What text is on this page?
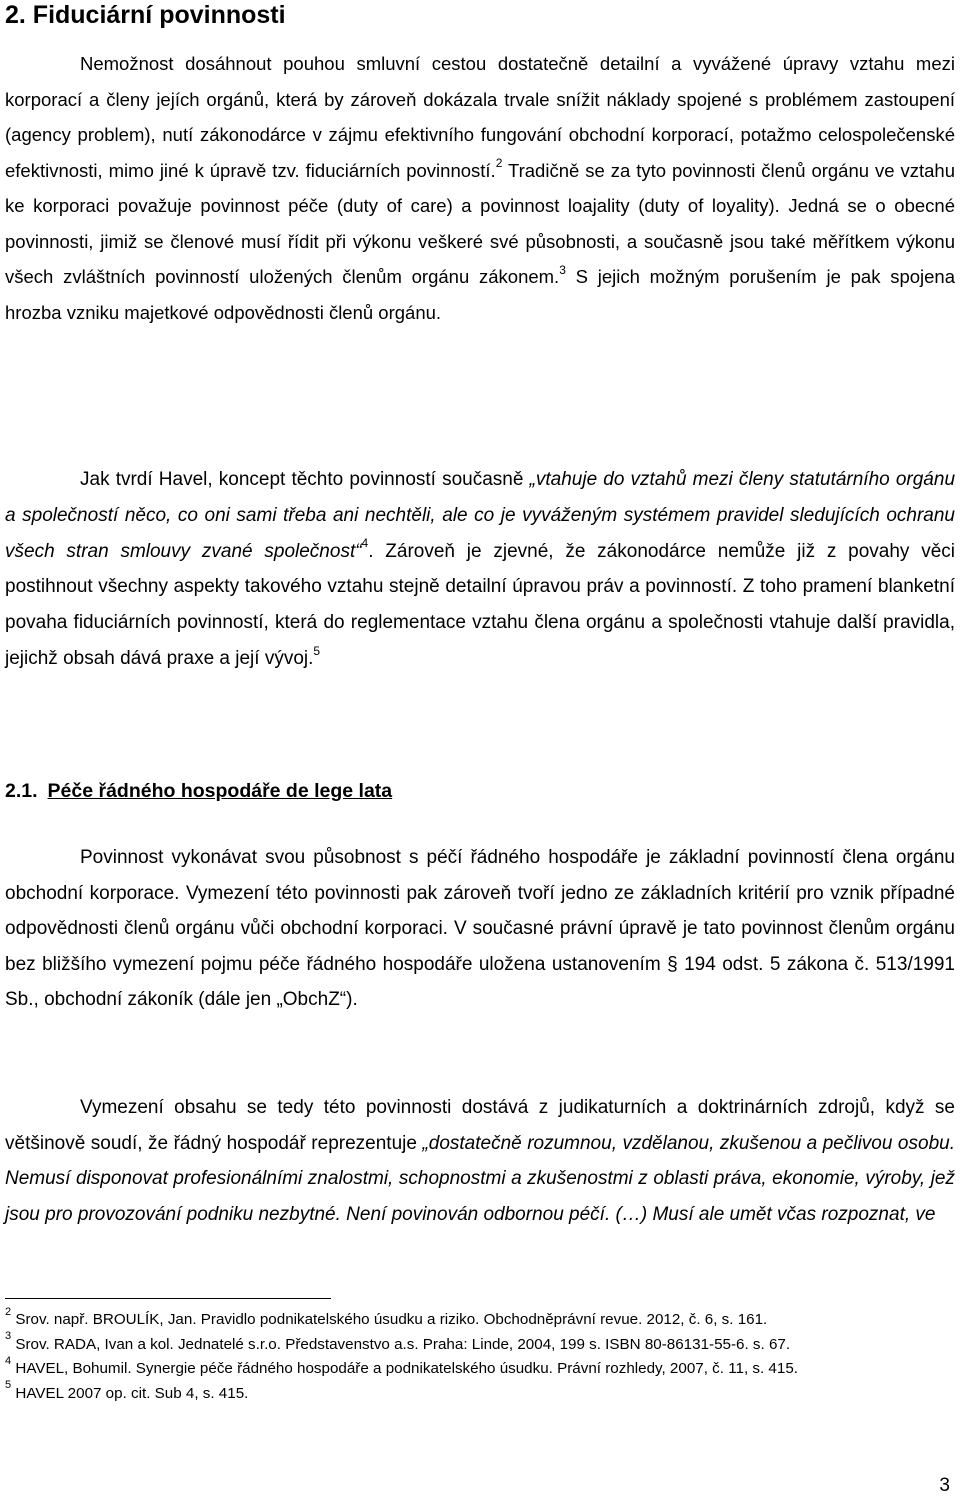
2. Fiduciární povinnosti

Nemožnost dosáhnout pouhou smluvní cestou dostatečně detailní a vyvážené úpravy vztahu mezi korporací a členy jejích orgánů, která by zároveň dokázala trvale snížit náklady spojené s problémem zastoupení (agency problem), nutí zákonodárce v zájmu efektivního fungování obchodní korporací, potažmo celospolečenské efektivnosti, mimo jiné k úpravě tzv. fiduciárních povinností.$^2$ Tradičně se za tyto povinnosti členů orgánu ve vztahu ke korporaci považuje povinnost péče (duty of care) a povinnost loajality (duty of loyality). Jedná se o obecné povinnosti, jimiž se členové musí řídit při výkonu veškeré své působnosti, a současně jsou také měřítkem výkonu všech zvláštních povinností uložených členům orgánu zákonem.$^3$ S jejich možným porušením je pak spojena hrozba vzniku majetkové odpovědnosti členů orgánu.

Jak tvrdí Havel, koncept těchto povinností současně „vtahuje do vztahů mezi členy statutárního orgánu a společností něco, co oni sami třeba ani nechtěli, ale co je vyváženým systémem pravidel sledujících ochranu všech stran smlouvy zvané společnost“$^4$. Zároveň je zjevné, že zákonodárce nemůže již z povahy věci postihnout všechny aspekty takového vztahu stejně detailní úpravou práv a povinností. Z toho pramení blanketní povaha fiduciárních povinností, která do reglementace vztahu člena orgánu a společnosti vtahuje další pravidla, jejichž obsah dává praxe a její vývoj.$^5$

2.1. Péče řádného hospodáře de lege lata

Povinnost vykonávat svou působnost s péčí řádného hospodáře je základní povinností člena orgánu obchodní korporace. Vymezení této povinnosti pak zároveň tvoří jedno ze základních kritérií pro vznik případné odpovědnosti členů orgánu vůči obchodní korporaci. V současné právní úpravě je tato povinnost členům orgánu bez bližšího vymezení pojmu péče řádného hospodáře uložena ustanovením § 194 odst. 5 zákona č. 513/1991 Sb., obchodní zákoník (dále jen „ObchZ“).

Vymezení obsahu se tedy této povinnosti dostává z judikaturních a doktrinárních zdrojů, když se většinově soudí, že řádný hospodář reprezentuje „dostatečně rozumnou, vzdělanou, zkušenou a pečlivou osobu. Nemusí disponovat profesionálními znalostmi, schopnostmi a zkušenostmi z oblasti práva, ekonomie, výroby, jež jsou pro provozování podniku nezbytné. Není povinován odbornou péčí. (…) Musí ale umět včas rozpoznat, ve

$^2$ Srov. např. BROULÍK, Jan. Pravidlo podnikatelského úsudku a riziko. Obchodněprávní revue. 2012, č. 6, s. 161.

$^3$ Srov. RADA, Ivan a kol. Jednatelé s.r.o. Představenstvo a.s. Praha: Linde, 2004, 199 s. ISBN 80-86131-55-6. s. 67.

$^4$ HAVEL, Bohumil. Synergie péče řádného hospodáře a podnikatelského úsudku. Právní rozhledy, 2007, č. 11, s. 415.

$^5$ HAVEL 2007 op. cit. Sub 4, s. 415.

3
